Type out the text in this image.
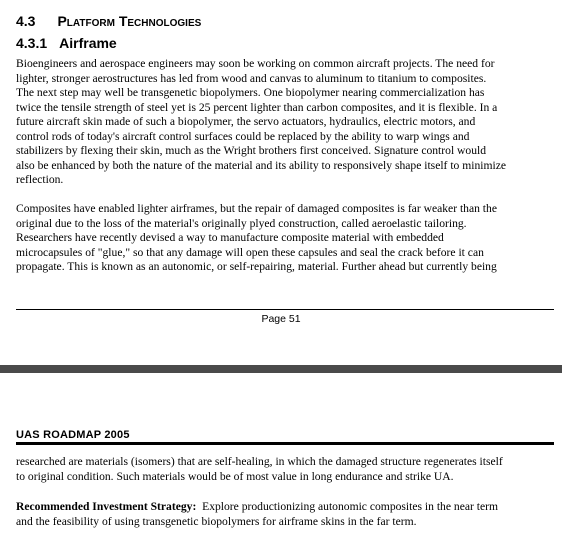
4.3 Platform Technologies
4.3.1 Airframe
Bioengineers and aerospace engineers may soon be working on common aircraft projects. The need for
lighter, stronger aerostructures has led from wood and canvas to aluminum to titanium to composites.
The next step may well be transgenetic biopolymers. One biopolymer nearing commercialization has
twice the tensile strength of steel yet is 25 percent lighter than carbon composites, and it is flexible. In a
future aircraft skin made of such a biopolymer, the servo actuators, hydraulics, electric motors, and
control rods of today's aircraft control surfaces could be replaced by the ability to warp wings and
stabilizers by flexing their skin, much as the Wright brothers first conceived. Signature control would
also be enhanced by both the nature of the material and its ability to responsively shape itself to minimize
reflection.
Composites have enabled lighter airframes, but the repair of damaged composites is far weaker than the
original due to the loss of the material's originally plyed construction, called aeroelastic tailoring.
Researchers have recently devised a way to manufacture composite material with embedded
microcapsules of "glue," so that any damage will open these capsules and seal the crack before it can
propagate. This is known as an autonomic, or self-repairing, material. Further ahead but currently being
Page 51
UAS ROADMAP 2005
researched are materials (isomers) that are self-healing, in which the damaged structure regenerates itself
to original condition. Such materials would be of most value in long endurance and strike UA.
Recommended Investment Strategy:  Explore productionizing autonomic composites in the near term
and the feasibility of using transgenetic biopolymers for airframe skins in the far term.
